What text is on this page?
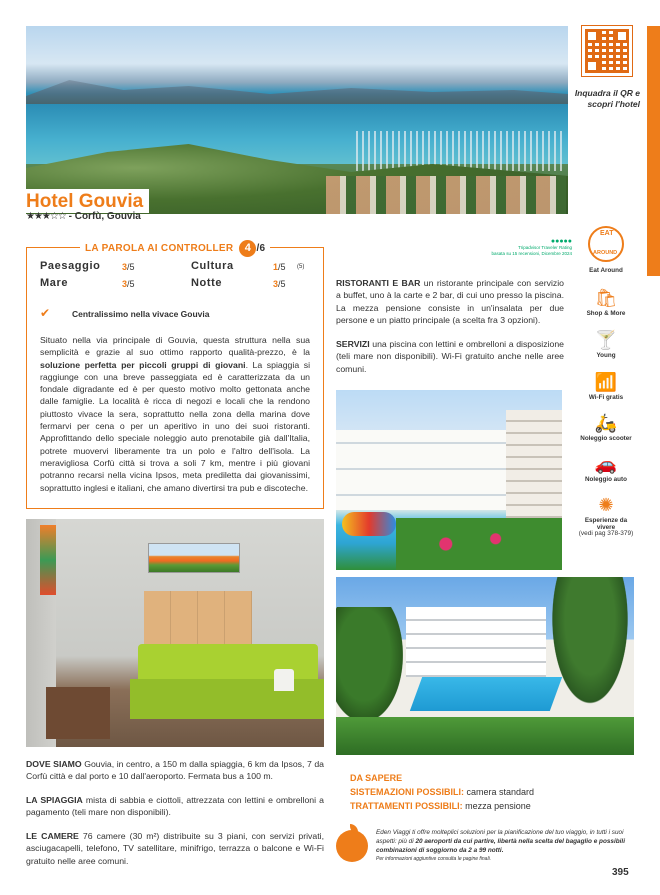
Inquadra il QR e scopri l'hotel
Hotel Gouvia
★★★☆☆ - Corfù, Gouvia
LA PAROLA AI CONTROLLER 4 /6
Paesaggio 3/5	Cultura	1/5 (5)
Mare	3/5	Notte	3/5
✔	Centralissimo nella vivace Gouvia
Situato nella via principale di Gouvia, questa struttura nella sua semplicità e grazie al suo ottimo rapporto qualità-prezzo, è la soluzione perfetta per piccoli gruppi di giovani. La spiaggia si raggiunge con una breve passeggiata ed è caratterizzata da un fondale digradante ed è per questo motivo molto gettonata anche dalle famiglie. La località è ricca di negozi e locali che la rendono piuttosto vivace la sera, soprattutto nella zona della marina dove fermarvi per cena o per un aperitivo in uno dei suoi ristoranti. Approfittando dello speciale noleggio auto prenotabile già dall'Italia, potrete muovervi liberamente tra un polo e l'altro dell'isola. La meravigliosa Corfù città si trova a soli 7 km, mentre i più giovani potranno recarsi nella vicina Ipsos, meta prediletta dai giovanissimi, soprattutto inglesi e italiani, che amano divertirsi tra pub e discoteche.
●●●●●
Tripadvisor Traveler Rating
basata su 15 recensioni, Dicembre 2024
RISTORANTI E BAR un ristorante principale con servizio a buffet, uno à la carte e 2 bar, di cui uno presso la piscina. La mezza pensione consiste in un'insalata per due persone e un piatto principale (a scelta fra 3 opzioni).
SERVIZI una piscina con lettini e ombrelloni a disposizione (teli mare non disponibili). Wi-Fi gratuito anche nelle aree comuni.
EAT
AROUND
Eat Around
🛍
Shop & More
🍸
Young
📶
Wi-Fi gratis
🛵
Noleggio scooter
🚗
Noleggio auto
✺
Esperienze da vivere
(vedi pag 378-379)
DOVE SIAMO Gouvia, in centro, a 150 m dalla spiaggia, 6 km da Ipsos, 7 da Corfù città e dal porto e 10 dall'aeroporto. Fermata bus a 100 m.
LA SPIAGGIA mista di sabbia e ciottoli, attrezzata con lettini e ombrelloni a pagamento (teli mare non disponibili).
LE CAMERE 76 camere (30 m²) distribuite su 3 piani, con servizi privati, asciugacapelli, telefono, TV satellitare, minifrigo, terrazza o balcone e Wi-Fi gratuito nelle aree comuni.
DA SAPERE
SISTEMAZIONI POSSIBILI: camera standard
TRATTAMENTI POSSIBILI: mezza pensione
Eden Viaggi ti offre molteplici soluzioni per la pianificazione del tuo viaggio, in tutti i suoi aspetti: più di 20 aeroporti da cui partire, libertà nella scelta del bagaglio e possibili combinazioni di soggiorno da 2 a 99 notti.
Per informazioni aggiuntive consulta le pagine finali.
395
